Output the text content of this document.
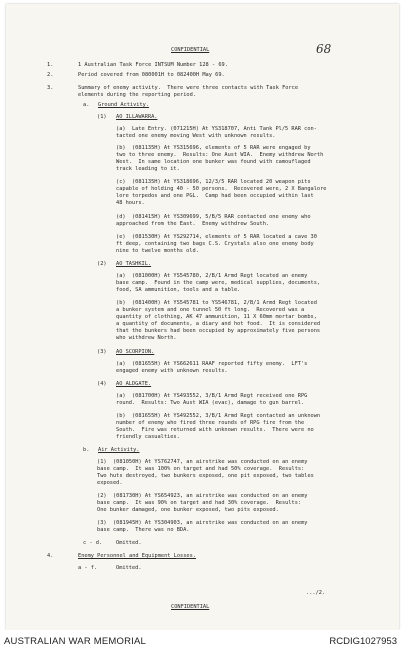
CONFIDENTIAL	68
1.	1 Australian Task Force INTSUM Number 128 - 69.
2.	Period covered from 080001H to 082400H May 69.
3.	Summary of enemy activity.  There were three contacts with Task Force
elements during the reporting period.
a. Ground Activity.
(1) AO ILLAWARRA.
(a)  Late Entry. (071215H) At YS318707, Anti Tank Pl/5 RAR con-
tacted one enemy moving West with unknown results.
(b)  (081135H) At YS315696, elements of 5 RAR were engaged by
two to three enemy.  Results: One Aust WIA.  Enemy withdrew North
West.  In same location one bunker was found with camouflaged
track leading to it.
(c)  (081135H) At YS318696, 12/3/5 RAR located 20 weapon pits
capable of holding 40 - 50 persons.  Recovered were, 2 X Bangalore
lore torpedos and one PGL.  Camp had been occupied within last
48 hours.
(d)  (081415H) At YS309699, 5/B/5 RAR contacted one enemy who
approached from the East.  Enemy withdrew South.
(e)  (081530H) At YS292714, elements of 5 RAR located a cave 30
ft deep, containing two bags C.S. Crystals also one enemy body
nine to twelve months old.
(2) AO TASHKIL.
(a)  (081000H) At YS545780, 2/B/1 Armd Regt located an enemy
base camp.  Found in the camp were, medical supplies, documents,
food, SA ammunition, tools and a table.
(b)  (081400H) At YS545781 to YS546781, 2/B/1 Armd Regt located
a bunker system and one tunnel 50 ft long.  Recovered was a
quantity of clothing, AK 47 ammunition, 11 X 60mm mortar bombs,
a quantity of documents, a diary and hot food.  It is considered
that the bunkers had been occupied by approximately five persons
who withdrew North.
(3) AO SCORPION.
(a)  (081655H) At YS662611 RAAF reported fifty enemy.  LFT's
engaged enemy with unknown results.
(4) AO ALDGATE.
(a)  (081700H) At YS493552, 3/B/1 Armd Regt received one RPG
round.  Results: Two Aust WIA (evac), damage to gun barrel.
(b)  (081655H) At YS492552, 3/B/1 Armd Regt contacted an unknown
number of enemy who fired three rounds of RPG fire from the
South.  Fire was returned with unknown results.  There were no
friendly casualties.
b. Air Activity.
(1)  (081050H) At YS762747, an airstrike was conducted on an enemy
base camp.  It was 100% on target and had 50% coverage.  Results:
Two huts destroyed, two bunkers exposed, one pit exposed, two tables
exposed.
(2)  (081730H) At YS654923, an airstrike was conducted on an enemy
base camp.  It was 90% on target and had 30% coverage.  Results:
One bunker damaged, one bunker exposed, two pits exposed.
(3)  (081945H) At YS304903, an airstrike was conducted on an enemy
base camp.  There was no BDA.
c - d.	Omitted.
4.	Enemy Personnel and Equipment Losses.
a - f.	Omitted.
.../2.
CONFIDENTIAL
AUSTRALIAN WAR MEMORIAL	RCDIG1027953
